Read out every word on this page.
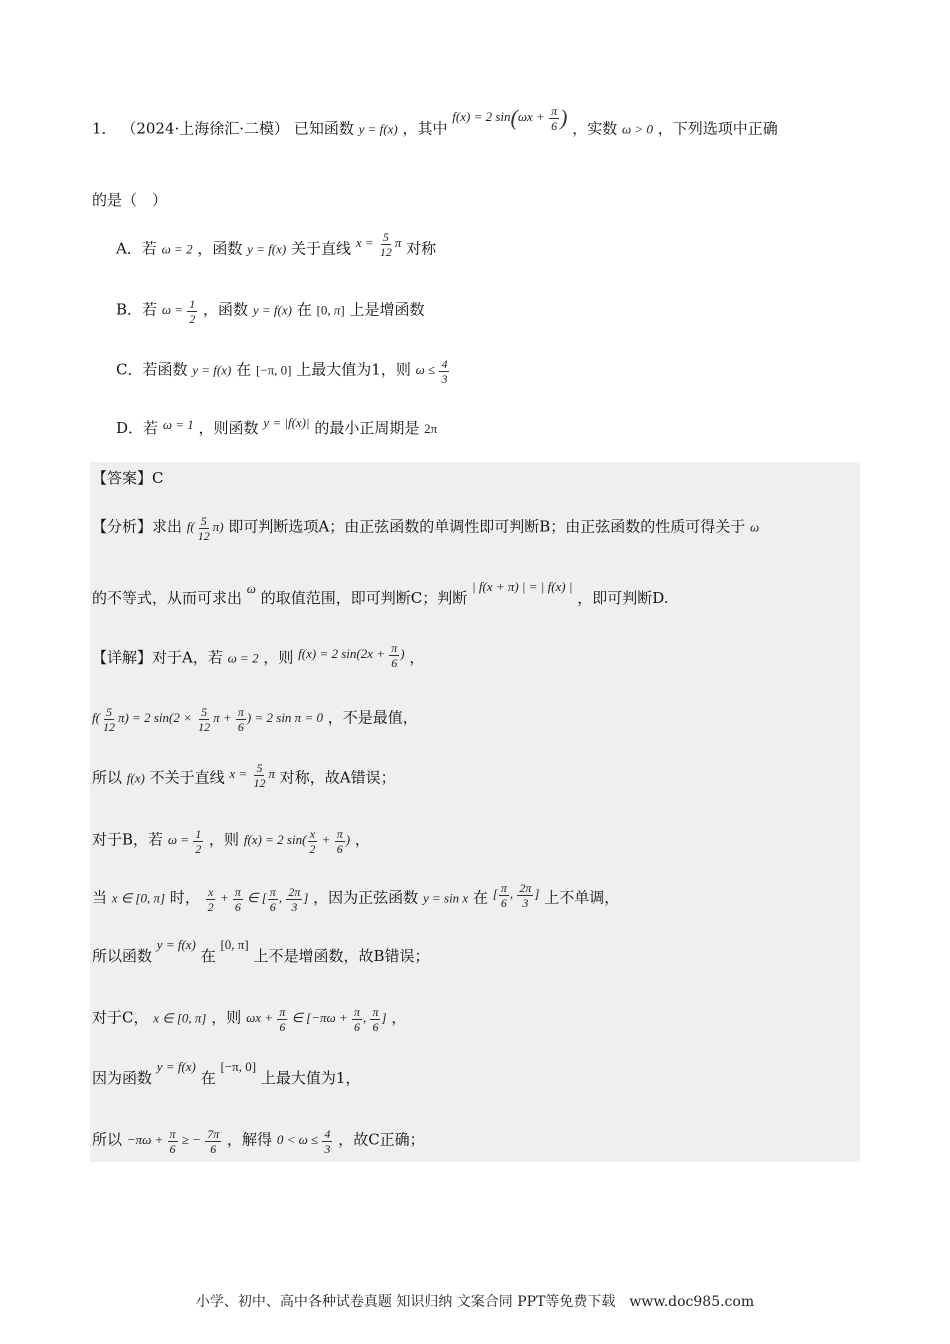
1． （2024·上海徐汇·二模） 已知函数 y = f(x) ，其中 f(x) = 2 $\sin(\omega x + \frac{\pi}{6}$ ) ，实数 ω > 0 ，下列选项中正确
的是（　）
A．若 ω = 2 ，函数 y = f(x) 关于直线 $x = \frac{5}{12}$ π 对称
B．若 $\omega = \frac{1}{2}$ ，函数 y = f(x) 在 [0, π] 上是增函数
C．若函数 y = f(x) 在 [−π, 0] 上最大值为1，则 $\omega \le \frac{4}{3}$
D．若 ω = 1 ，则函数 y = |f(x)| 的最小正周期是 2π
【答案】C
【分析】求出 $f( \frac{5}{12} \pi)$ 即可判断选项A；由正弦函数的单调性即可判断B；由正弦函数的性质可得关于 ω
的不等式，从而可求出 ω 的取值范围，即可判断C；判断 | f(x + π) | = | f(x) | ，即可判断D.
【详解】对于A，若 ω = 2 ，则 f(x) = 2 $\sin(2x + \frac{\pi}{6}$ ) ，
$f( \frac{5}{12} \pi) = 2$ $\sin(2 \times \frac{5}{12}$ $\pi + \frac{\pi}{6}$ ) = 2 sin π = 0 ，不是最值，
所以 f(x) 不关于直线 $x = \frac{5}{12}$ π 对称，故A错误；
对于B，若 $\omega = \frac{1}{2}$ ，则 f(x) = 2 $\sin( \frac{x}{2} + \frac{\pi}{6}$ ) ，
当 x ∈ [0, π] 时， $\frac{x}{2} + \frac{\pi}{6}$ ∈ [ $\frac{\pi}{6}$ , $\frac{2\pi}{3}$ ] ，因为正弦函数 y = sin x 在 [ $\frac{\pi}{6}$ , $\frac{2\pi}{3}$ ] 上不单调，
所以函数 y = f(x) 在 [0, π] 上不是增函数，故B错误；
对于C， x ∈ [0, π] ，则 $\omega x + \frac{\pi}{6}$ ∈ [$-\pi\omega + \frac{\pi}{6}$ , $\frac{\pi}{6}$ ] ，
因为函数 y = f(x) 在 [−π, 0] 上最大值为1，
所以 $-\pi\omega + \frac{\pi}{6}$ ≥ − $\frac{7\pi}{6}$ ，解得 $0 < \omega \le \frac{4}{3}$ ，故C正确；
小学、初中、高中各种试卷真题 知识归纳 文案合同 PPT等免费下载　www.doc985.com
